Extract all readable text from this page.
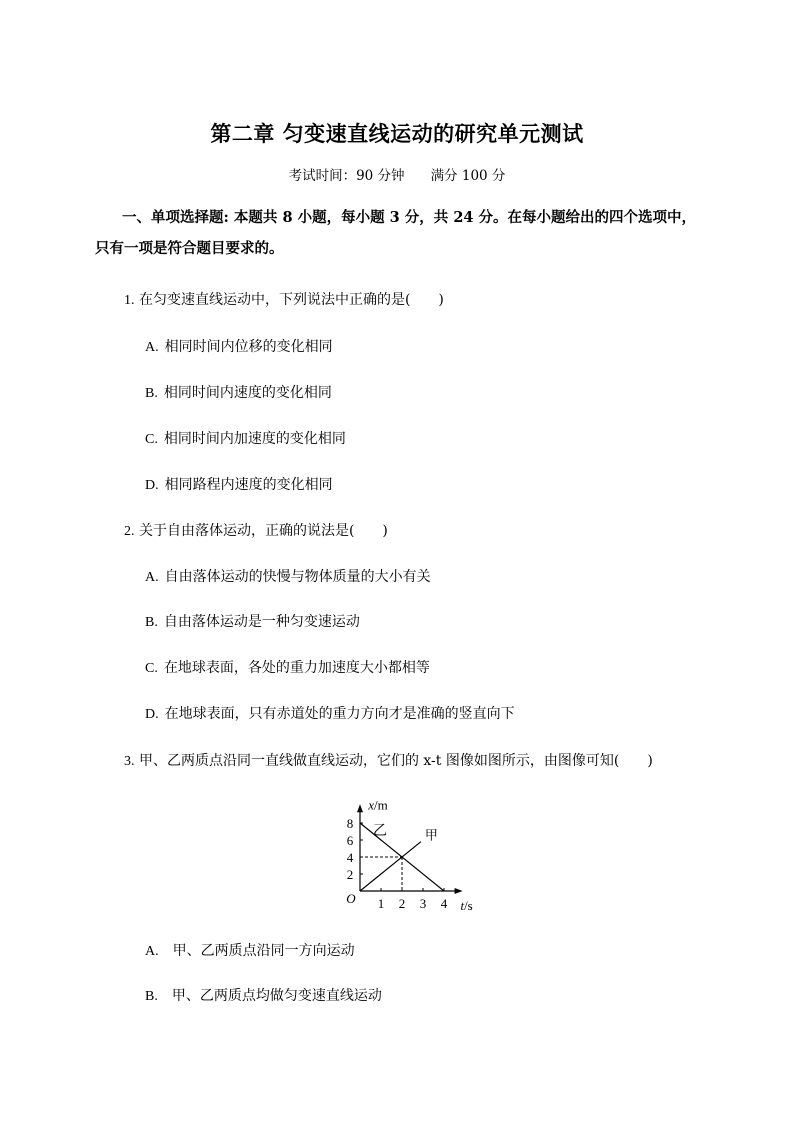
第二章 匀变速直线运动的研究单元测试
考试时间：90 分钟 满分 100 分
一、单项选择题: 本题共 8 小题，每小题 3 分，共 24 分。在每小题给出的四个选项中，只有一项是符合题目要求的。
1. 在匀变速直线运动中，下列说法中正确的是(　　)
A. 相同时间内位移的变化相同
B. 相同时间内速度的变化相同
C. 相同时间内加速度的变化相同
D. 相同路程内速度的变化相同
2. 关于自由落体运动，正确的说法是(　　)
A. 自由落体运动的快慢与物体质量的大小有关
B. 自由落体运动是一种匀变速运动
C. 在地球表面，各处的重力加速度大小都相等
D. 在地球表面，只有赤道处的重力方向才是准确的竖直向下
3. 甲、乙两质点沿同一直线做直线运动，它们的 x-t 图像如图所示，由图像可知(　　)
t/s
x/m
O 1 2 3 4
2
4
6
8
甲
乙
A. 甲、乙两质点沿同一方向运动
B. 甲、乙两质点均做匀变速直线运动
